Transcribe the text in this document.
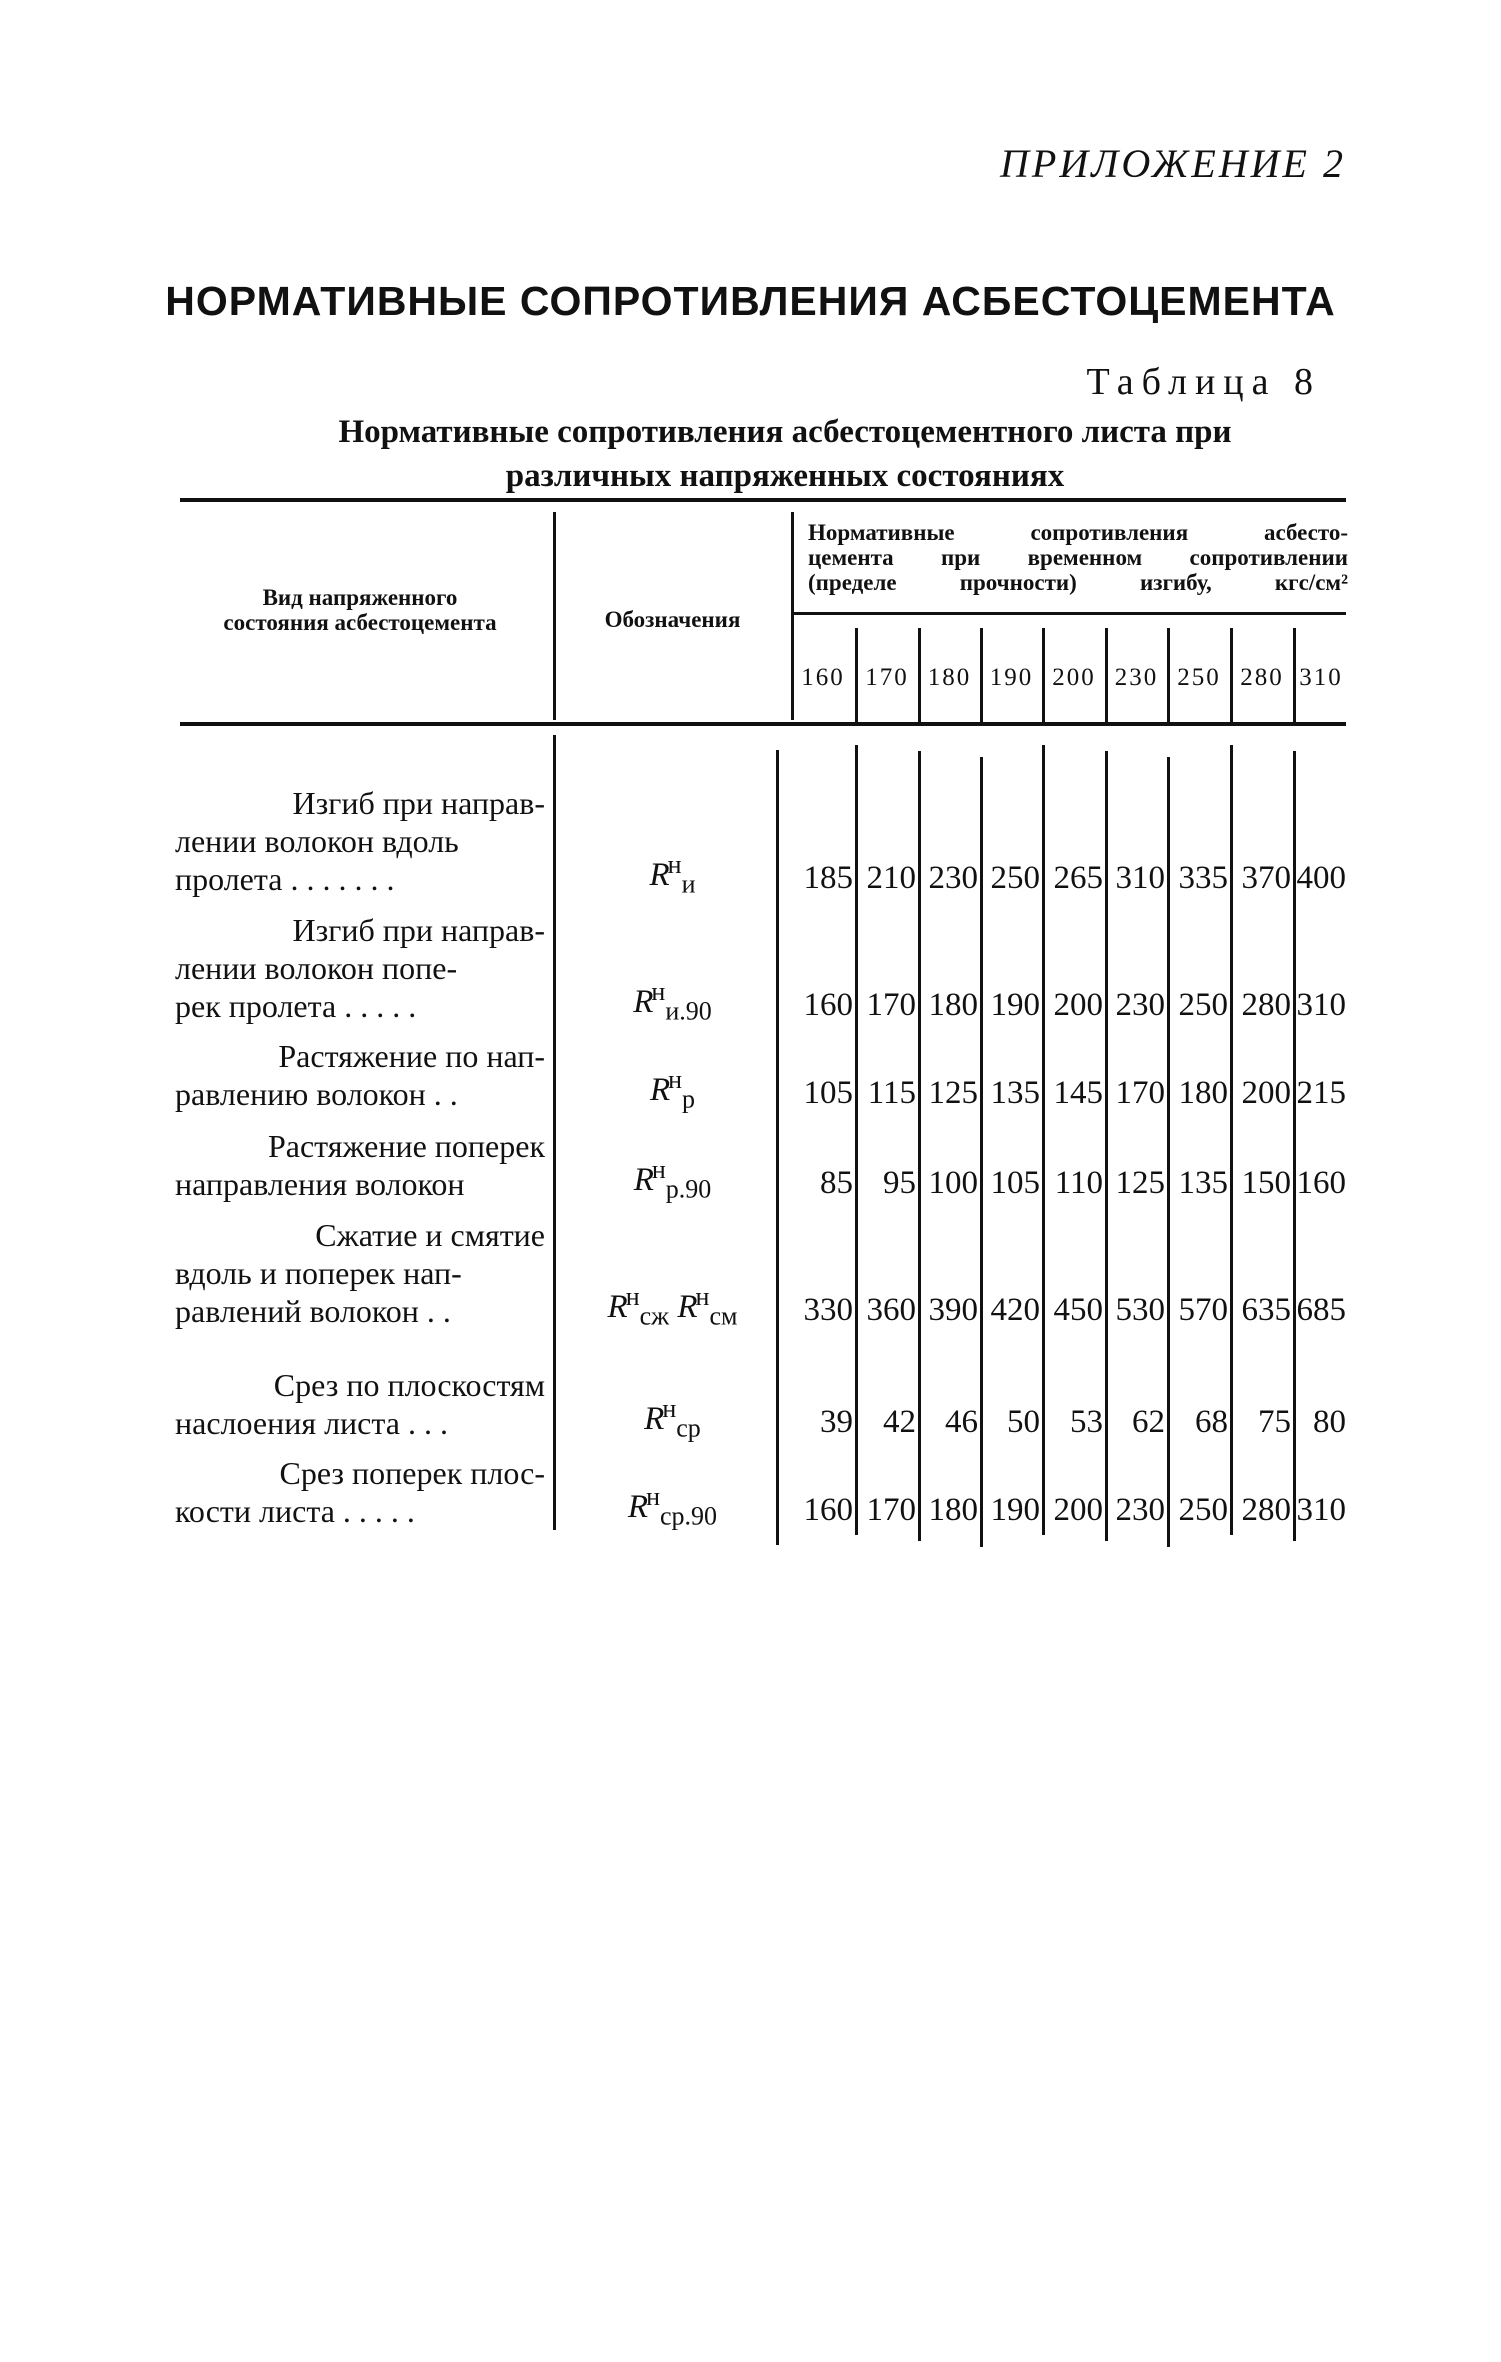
ПРИЛОЖЕНИЕ 2
НОРМАТИВНЫЕ СОПРОТИВЛЕНИЯ АСБЕСТОЦЕМЕНТА
Таблица 8
Нормативные сопротивления асбестоцементного листа при
различных напряженных состояниях
Вид напряженного
состояния асбестоцемента	Обозначения
Нормативные сопротивления асбесто-
цемента при временном сопротивлении
(пределе прочности) изгибу, кгс/см²
160 170 180 190 200 230 250 280 310
Изгиб при направ-
лении волокон вдоль
пролета . . . . . . .	$R^н_и$	185 210 230 250 265 310 335 370 400
Изгиб при направ-
лении волокон попе-
рек пролета . . . . .	$R^н_{и.90}$	160 170 180 190 200 230 250 280 310
Растяжение по нап-
равлению волокон . .	$R^н_р$	105 115 125 135 145 170 180 200 215
Растяжение поперек
направления волокон	$R^н_{р.90}$	85 95 100 105 110 125 135 150 160
Сжатие и смятие
вдоль и поперек нап-
равлений волокон . .	$R^н_{сж}$ $R^н_{см}$	330 360 390 420 450 530 570 635 685
Срез по плоскостям
наслоения листа . . .	$R^н_{ср}$	39 42 46 50 53 62 68 75 80
Срез поперек плос-
кости листа . . . . .	$R^н_{ср.90}$	160 170 180 190 200 230 250 280 310
